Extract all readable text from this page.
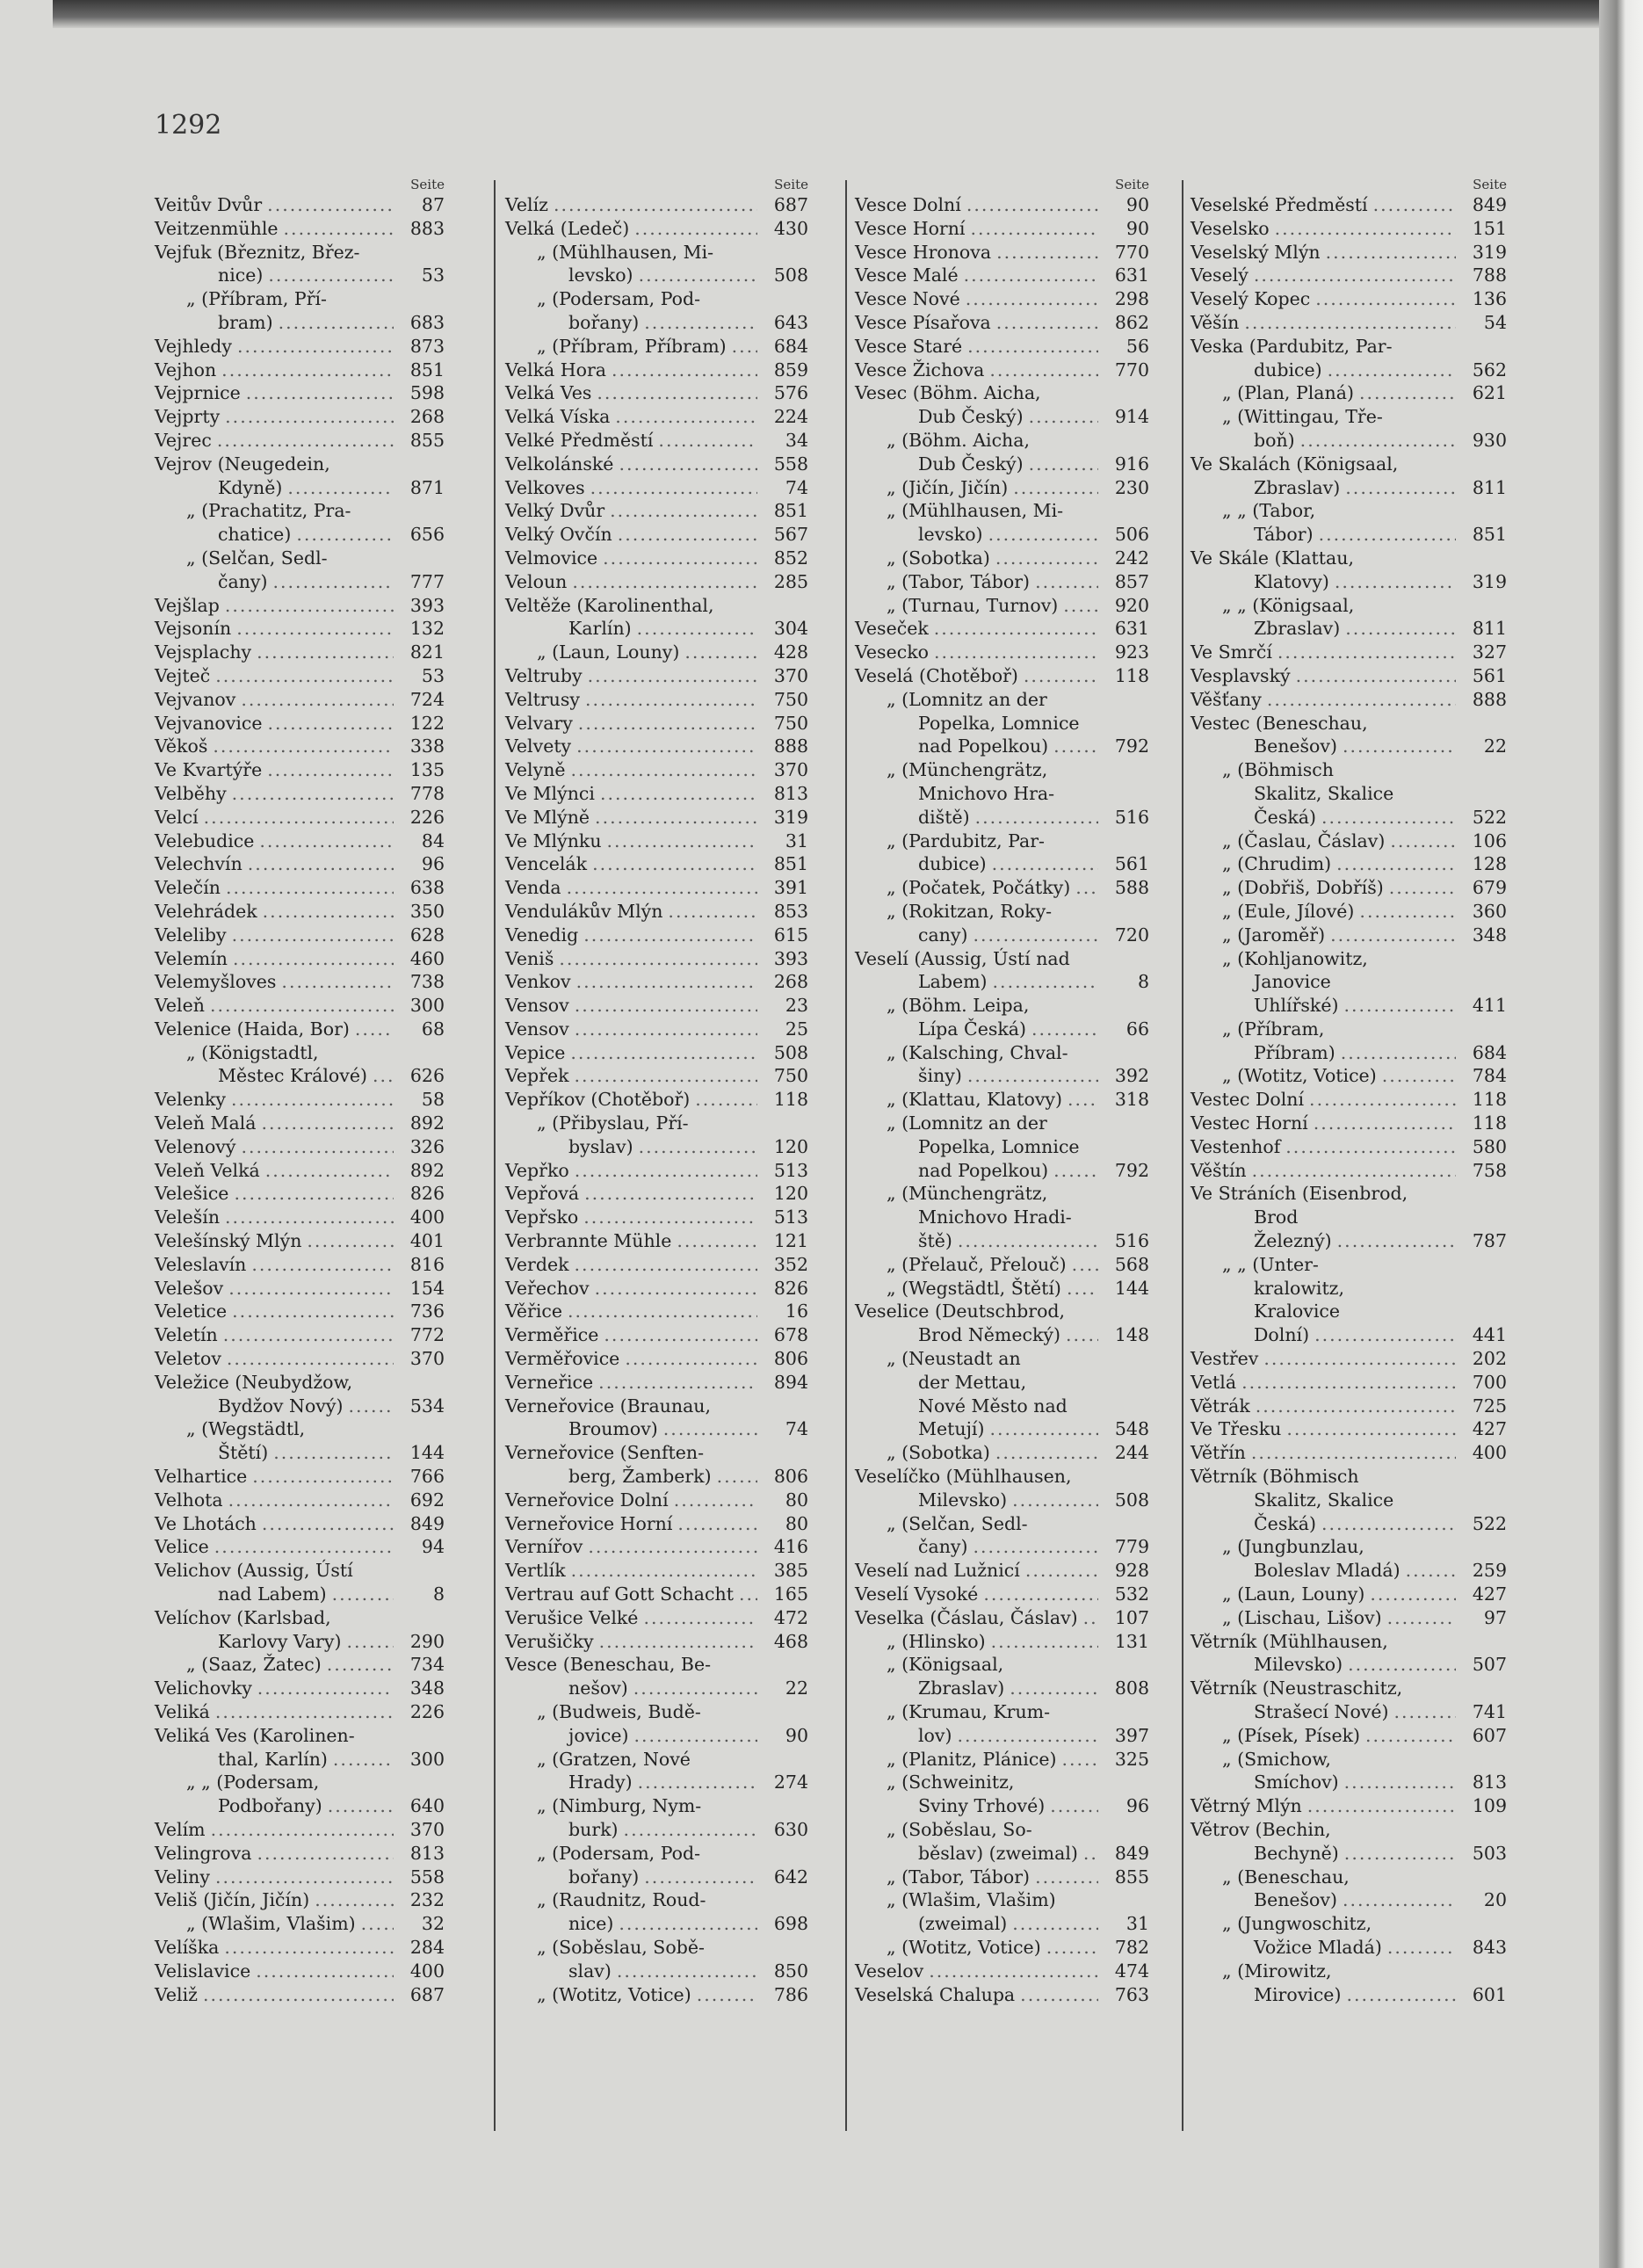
1292
Seite
Veitův Dvůr .....	87
Veitzenmühle .....	883
Vejfuk (Březnitz, Břez-
nice) .....	53
„ (Příbram, Pří-
bram) .....	683
Vejhledy .....	873
Vejhon .....	851
Vejprnice .....	598
Vejprty .....	268
Vejrec .....	855
Vejrov (Neugedein,
Kdyně) .....	871
„ (Prachatitz, Pra-
chatice) .....	656
„ (Selčan, Sedl-
čany) .....	777
Vejšlap .....	393
Vejsonín .....	132
Vejsplachy .....	821
Vejteč .....	53
Vejvanov .....	724
Vejvanovice .....	122
Věkoš .....	338
Ve Kvartýře .....	135
Velběhy .....	778
Velcí .....	226
Velebudice .....	84
Velechvín .....	96
Velečín .....	638
Velehrádek .....	350
Veleliby .....	628
Velemín .....	460
Velemyšloves .....	738
Veleň .....	300
Velenice (Haida, Bor) .....	68
„ (Königstadtl,
Městec Králové) .....	626
Velenky .....	58
Veleň Malá .....	892
Velenový .....	326
Veleň Velká .....	892
Velešice .....	826
Velešín .....	400
Velešínský Mlýn .....	401
Veleslavín .....	816
Velešov .....	154
Veletice .....	736
Veletín .....	772
Veletov .....	370
Veležice (Neubydžow,
Bydžov Nový) .....	534
„ (Wegstädtl,
Štětí) .....	144
Velhartice .....	766
Velhota .....	692
Ve Lhotách .....	849
Velice .....	94
Velichov (Aussig, Ústí
nad Labem) .....	8
Velíchov (Karlsbad,
Karlovy Vary) .....	290
„ (Saaz, Žatec) .....	734
Velichovky .....	348
Veliká .....	226
Veliká Ves (Karolinen-
thal, Karlín) .....	300
„ „ (Podersam,
Podbořany) .....	640
Velím .....	370
Velingrova .....	813
Veliny .....	558
Veliš (Jičín, Jičín) .....	232
„ (Wlašim, Vlašim) .....	32
Velíška .....	284
Velislavice .....	400
Veliž .....	687
Seite
Velíz .....	687
Velká (Ledeč) .....	430
„ (Mühlhausen, Mi-
levsko) .....	508
„ (Podersam, Pod-
bořany) .....	643
„ (Příbram, Příbram) .....	684
Velká Hora .....	859
Velká Ves .....	576
Velká Víska .....	224
Velké Předměstí .....	34
Velkolánské .....	558
Velkoves .....	74
Velký Dvůr .....	851
Velký Ovčín .....	567
Velmovice .....	852
Veloun .....	285
Veltěže (Karolinenthal,
Karlín) .....	304
„ (Laun, Louny) .....	428
Veltruby .....	370
Veltrusy .....	750
Velvary .....	750
Velvety .....	888
Velyně .....	370
Ve Mlýnci .....	813
Ve Mlýně .....	319
Ve Mlýnku .....	31
Vencelák .....	851
Venda .....	391
Vendulákův Mlýn .....	853
Venedig .....	615
Veniš .....	393
Venkov .....	268
Vensov .....	23
Vensov .....	25
Vepice .....	508
Vepřek .....	750
Vepříkov (Chotěboř) .....	118
„ (Přibyslau, Pří-
byslav) .....	120
Vepřko .....	513
Vepřová .....	120
Vepřsko .....	513
Verbrannte Mühle .....	121
Verdek .....	352
Veřechov .....	826
Věřice .....	16
Verměřice .....	678
Verměřovice .....	806
Verneřice .....	894
Verneřovice (Braunau,
Broumov) .....	74
Verneřovice (Senften-
berg, Žamberk) .....	806
Verneřovice Dolní .....	80
Verneřovice Horní .....	80
Vernířov .....	416
Vertlík .....	385
Vertrau auf Gott Schacht .....	165
Verušice Velké .....	472
Verušičky .....	468
Vesce (Beneschau, Be-
nešov) .....	22
„ (Budweis, Budě-
jovice) .....	90
„ (Gratzen, Nové
Hrady) .....	274
„ (Nimburg, Nym-
burk) .....	630
„ (Podersam, Pod-
bořany) .....	642
„ (Raudnitz, Roud-
nice) .....	698
„ (Soběslau, Sobě-
slav) .....	850
„ (Wotitz, Votice) .....	786
Seite
Vesce Dolní .....	90
Vesce Horní .....	90
Vesce Hronova .....	770
Vesce Malé .....	631
Vesce Nové .....	298
Vesce Písařova .....	862
Vesce Staré .....	56
Vesce Žichova .....	770
Vesec (Böhm. Aicha,
Dub Český) .....	914
„ (Böhm. Aicha,
Dub Český) .....	916
„ (Jičín, Jičín) .....	230
„ (Mühlhausen, Mi-
levsko) .....	506
„ (Sobotka) .....	242
„ (Tabor, Tábor) .....	857
„ (Turnau, Turnov) .....	920
Veseček .....	631
Vesecko .....	923
Veselá (Chotěboř) .....	118
„ (Lomnitz an der
Popelka, Lomnice
nad Popelkou) .....	792
„ (Münchengrätz,
Mnichovo Hra-
diště) .....	516
„ (Pardubitz, Par-
dubice) .....	561
„ (Počatek, Počátky) .....	588
„ (Rokitzan, Roky-
cany) .....	720
Veselí (Aussig, Ústí nad
Labem) .....	8
„ (Böhm. Leipa,
Lípa Česká) .....	66
„ (Kalsching, Chval-
šiny) .....	392
„ (Klattau, Klatovy) .....	318
„ (Lomnitz an der
Popelka, Lomnice
nad Popelkou) .....	792
„ (Münchengrätz,
Mnichovo Hradi-
ště) .....	516
„ (Přelauč, Přelouč) .....	568
„ (Wegstädtl, Štětí) .....	144
Veselice (Deutschbrod,
Brod Německý) .....	148
„ (Neustadt an
der Mettau,
Nové Město nad
Metují) .....	548
„ (Sobotka) .....	244
Veselíčko (Mühlhausen,
Milevsko) .....	508
„ (Selčan, Sedl-
čany) .....	779
Veselí nad Lužnicí .....	928
Veselí Vysoké .....	532
Veselka (Čáslau, Čáslav) .....	107
„ (Hlinsko) .....	131
„ (Königsaal,
Zbraslav) .....	808
„ (Krumau, Krum-
lov) .....	397
„ (Planitz, Plánice) .....	325
„ (Schweinitz,
Sviny Trhové) .....	96
„ (Soběslau, So-
běslav) (zweimal) .....	849
„ (Tabor, Tábor) .....	855
„ (Wlašim, Vlašim)
(zweimal) .....	31
„ (Wotitz, Votice) .....	782
Veselov .....	474
Veselská Chalupa .....	763
Seite
Veselské Předměstí .....	849
Veselsko .....	151
Veselský Mlýn .....	319
Veselý .....	788
Veselý Kopec .....	136
Věšín .....	54
Veska (Pardubitz, Par-
dubice) .....	562
„ (Plan, Planá) .....	621
„ (Wittingau, Tře-
boň) .....	930
Ve Skalách (Königsaal,
Zbraslav) .....	811
„ „ (Tabor,
Tábor) .....	851
Ve Skále (Klattau,
Klatovy) .....	319
„ „ (Königsaal,
Zbraslav) .....	811
Ve Smrčí .....	327
Vesplavský .....	561
Věšťany .....	888
Vestec (Beneschau,
Benešov) .....	22
„ (Böhmisch
Skalitz, Skalice
Česká) .....	522
„ (Časlau, Čáslav) .....	106
„ (Chrudim) .....	128
„ (Dobřiš, Dobříš) .....	679
„ (Eule, Jílové) .....	360
„ (Jaroměř) .....	348
„ (Kohljanowitz,
Janovice
Uhlířské) .....	411
„ (Příbram,
Příbram) .....	684
„ (Wotitz, Votice) .....	784
Vestec Dolní .....	118
Vestec Horní .....	118
Vestenhof .....	580
Věštín .....	758
Ve Stráních (Eisenbrod,
Brod
Železný) .....	787
„ „ (Unter-
kralowitz,
Kralovice
Dolní) .....	441
Vestřev .....	202
Vetlá .....	700
Větrák .....	725
Ve Třesku .....	427
Větřín .....	400
Větrník (Böhmisch
Skalitz, Skalice
Česká) .....	522
„ (Jungbunzlau,
Boleslav Mladá) .....	259
„ (Laun, Louny) .....	427
„ (Lischau, Lišov) .....	97
Větrník (Mühlhausen,
Milevsko) .....	507
Větrník (Neustraschitz,
Strašecí Nové) .....	741
„ (Písek, Písek) .....	607
„ (Smichow,
Smíchov) .....	813
Větrný Mlýn .....	109
Větrov (Bechin,
Bechyně) .....	503
„ (Beneschau,
Benešov) .....	20
„ (Jungwoschitz,
Vožice Mladá) .....	843
„ (Mirowitz,
Mirovice) .....	601
